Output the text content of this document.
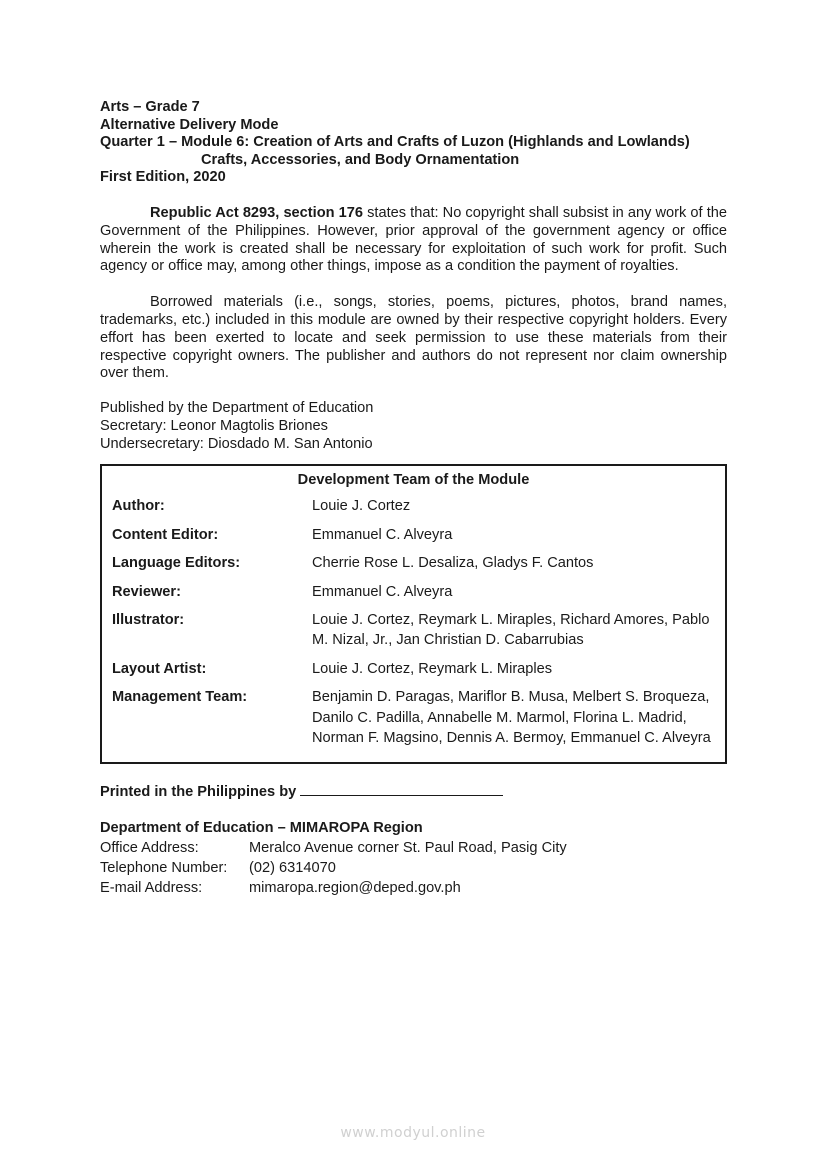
Arts – Grade 7
Alternative Delivery Mode
Quarter 1 – Module 6: Creation of Arts and Crafts of Luzon (Highlands and Lowlands)
Crafts, Accessories, and Body Ornamentation
First Edition, 2020

Republic Act 8293, section 176 states that: No copyright shall subsist in any work of the Government of the Philippines. However, prior approval of the government agency or office wherein the work is created shall be necessary for exploitation of such work for profit. Such agency or office may, among other things, impose as a condition the payment of royalties.

Borrowed materials (i.e., songs, stories, poems, pictures, photos, brand names, trademarks, etc.) included in this module are owned by their respective copyright holders. Every effort has been exerted to locate and seek permission to use these materials from their respective copyright owners. The publisher and authors do not represent nor claim ownership over them.

Published by the Department of Education
Secretary: Leonor Magtolis Briones
Undersecretary: Diosdado M. San Antonio
Development Team of the Module
Author:	Louie J. Cortez
Content Editor:	Emmanuel C. Alveyra
Language Editors:	Cherrie Rose L. Desaliza, Gladys F. Cantos
Reviewer:	Emmanuel C. Alveyra
Illustrator:	Louie J. Cortez, Reymark L. Miraples, Richard Amores, Pablo M. Nizal, Jr., Jan Christian D. Cabarrubias
Layout Artist:	Louie J. Cortez, Reymark L. Miraples
Management Team:	Benjamin D. Paragas, Mariflor B. Musa, Melbert S. Broqueza, Danilo C. Padilla, Annabelle M. Marmol, Florina L. Madrid, Norman F. Magsino, Dennis A. Bermoy, Emmanuel C. Alveyra
Printed in the Philippines by
Department of Education – MIMAROPA Region
Office Address:	Meralco Avenue corner St. Paul Road, Pasig City
Telephone Number:	(02) 6314070
E-mail Address:	mimaropa.region@deped.gov.ph
www.modyul.online
